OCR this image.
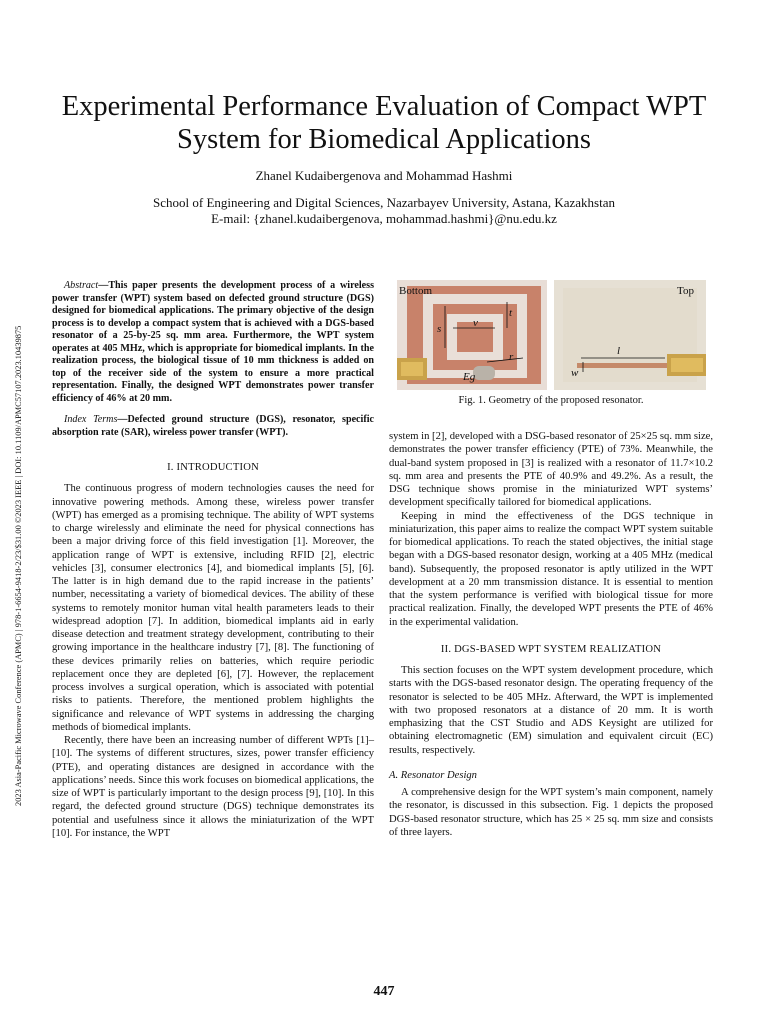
Experimental Performance Evaluation of Compact WPT System for Biomedical Applications
Zhanel Kudaibergenova and Mohammad Hashmi
School of Engineering and Digital Sciences, Nazarbayev University, Astana, Kazakhstan
E-mail: {zhanel.kudaibergenova, mohammad.hashmi}@nu.edu.kz
2023 Asia-Pacific Microwave Conference (APMC) | 978-1-6654-9418-2/23/$31.00 ©2023 IEEE | DOI: 10.1109/APMC57107.2023.10439875

Abstract—This paper presents the development process of a wireless power transfer (WPT) system based on defected ground structure (DGS) designed for biomedical applications. The primary objective of the design process is to develop a compact system that is achieved with a DGS-based resonator of a 25-by-25 sq. mm area. Furthermore, the WPT system operates at 405 MHz, which is appropriate for biomedical implants. In the realization process, the biological tissue of 10 mm thickness is added on top of the receiver side of the system to ensure a more practical representation. Finally, the designed WPT demonstrates power transfer efficiency of 46% at 20 mm.

Index Terms—Defected ground structure (DGS), resonator, specific absorption rate (SAR), wireless power transfer (WPT).

I. INTRODUCTION

The continuous progress of modern technologies causes the need for innovative powering methods. Among these, wireless power transfer (WPT) has emerged as a promising technique. The ability of WPT systems to charge wirelessly and eliminate the need for physical connections has been a major driving force of this field investigation [1]. Moreover, the application range of WPT is extensive, including RFID [2], electric vehicles [3], consumer electronics [4], and biomedical implants [5], [6]. The latter is in high demand due to the rapid increase in the patients’ number, necessitating a variety of biomedical devices. The ability of these systems to remotely monitor human vital health parameters leads to their widespread adoption [7]. In addition, biomedical implants aid in early disease detection and treatment strategy development, contributing to their growing importance in the healthcare industry [7], [8]. The functioning of these devices primarily relies on batteries, which require periodic replacement once they are depleted [6], [7]. However, the replacement process involves a surgical operation, which is associated with potential risks to patients. Therefore, the mentioned problem highlights the significance and relevance of WPT systems in addressing the charging methods of biomedical implants.

Recently, there have been an increasing number of different WPTs [1]–[10]. The systems of different structures, sizes, power transfer efficiency (PTE), and operating distances are designed in accordance with the applications’ needs. Since this work focuses on biomedical applications, the size of WPT is particularly important to the design process [9], [10]. In this regard, the defected ground structure (DGS) technique demonstrates its potential and usefulness since it allows the miniaturization of the WPT [10]. For instance, the WPT

Bottom
s
t
v
r
Eg
Top
l
w
Fig. 1. Geometry of the proposed resonator.

system in [2], developed with a DSG-based resonator of 25×25 sq. mm size, demonstrates the power transfer efficiency (PTE) of 73%. Meanwhile, the dual-band system proposed in [3] is realized with a resonator of 11.7×10.2 sq. mm area and presents the PTE of 40.9% and 49.2%. As a result, the DSG technique shows promise in the miniaturized WPT systems’ development specifically tailored for biomedical applications.

Keeping in mind the effectiveness of the DGS technique in miniaturization, this paper aims to realize the compact WPT system suitable for biomedical applications. To reach the stated objectives, the initial stage began with a DGS-based resonator design, working at a 405 MHz (medical band). Subsequently, the proposed resonator is aptly utilized in the WPT development at a 20 mm transmission distance. It is essential to mention that the system performance is verified with biological tissue for more practical realization. Finally, the developed WPT presents the PTE of 46% in the experimental validation.

II. DGS-BASED WPT SYSTEM REALIZATION

This section focuses on the WPT system development procedure, which starts with the DGS-based resonator design. The operating frequency of the resonator is selected to be 405 MHz. Afterward, the WPT is implemented with two proposed resonators at a distance of 20 mm. It is worth emphasizing that the CST Studio and ADS Keysight are utilized for obtaining electromagnetic (EM) simulation and equivalent circuit (EC) results, respectively.

A. Resonator Design

A comprehensive design for the WPT system’s main component, namely the resonator, is discussed in this subsection. Fig. 1 depicts the proposed DGS-based resonator structure, which has 25 × 25 sq. mm size and consists of three layers.

447
